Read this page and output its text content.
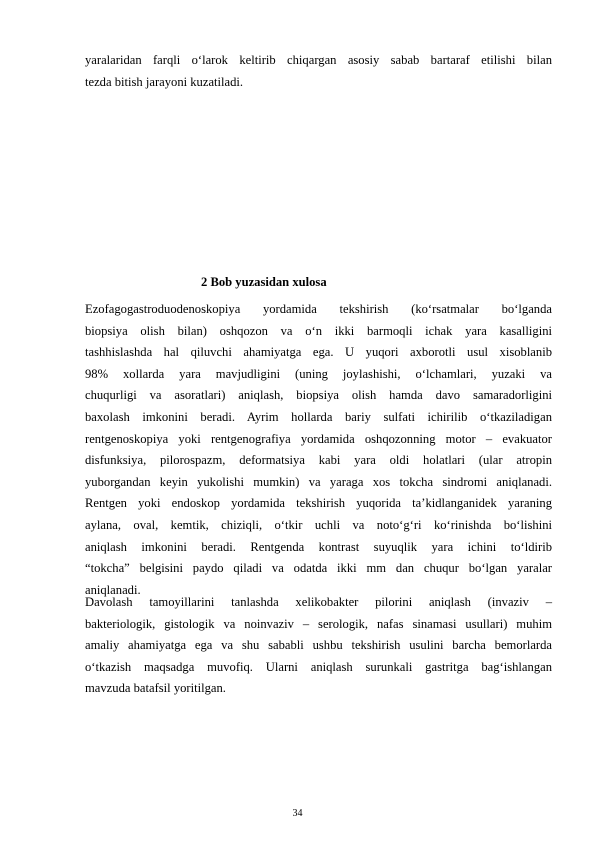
yaralaridan farqli o‘larok keltirib chiqargan asosiy sabab bartaraf etilishi bilan
tezda bitish jarayoni kuzatiladi.
2 Bob yuzasidan xulosa
Ezofagogastroduodenoskopiya yordamida tekshirish (ko‘rsatmalar bo‘lganda
biopsiya olish bilan) oshqozon va o‘n ikki barmoqli ichak yara kasalligini
tashhislashda hal qiluvchi ahamiyatga ega. U yuqori axborotli usul xisoblanib
98% xollarda yara mavjudligini (uning joylashishi, o‘lchamlari, yuzaki va
chuqurligi va asoratlari) aniqlash, biopsiya olish hamda davo samaradorligini
baxolash imkonini beradi. Ayrim hollarda bariy sulfati ichirilib o‘tkaziladigan
rentgenoskopiya yoki rentgenografiya yordamida oshqozonning motor – evakuator
disfunksiya, pilorospazm, deformatsiya kabi yara oldi holatlari (ular atropin
yuborgandan keyin yukolishi mumkin) va yaraga xos tokcha sindromi aniqlanadi.
Rentgen yoki endoskop yordamida tekshirish yuqorida ta’kidlanganidek yaraning
aylana, oval, kemtik, chiziqli, o‘tkir uchli va noto‘g‘ri ko‘rinishda bo‘lishini
aniqlash imkonini beradi. Rentgenda kontrast suyuqlik yara ichini to‘ldirib
“tokcha” belgisini paydo qiladi va odatda ikki mm dan chuqur bo‘lgan yaralar
aniqlanadi.
Davolash tamoyillarini tanlashda xelikobakter pilorini aniqlash (invaziv –
bakteriologik, gistologik va noinvaziv – serologik, nafas sinamasi usullari) muhim
amaliy ahamiyatga ega va shu sababli ushbu tekshirish usulini barcha bemorlarda
o‘tkazish maqsadga muvofiq. Ularni aniqlash surunkali gastritga bag‘ishlangan
mavzuda batafsil yoritilgan.
34
